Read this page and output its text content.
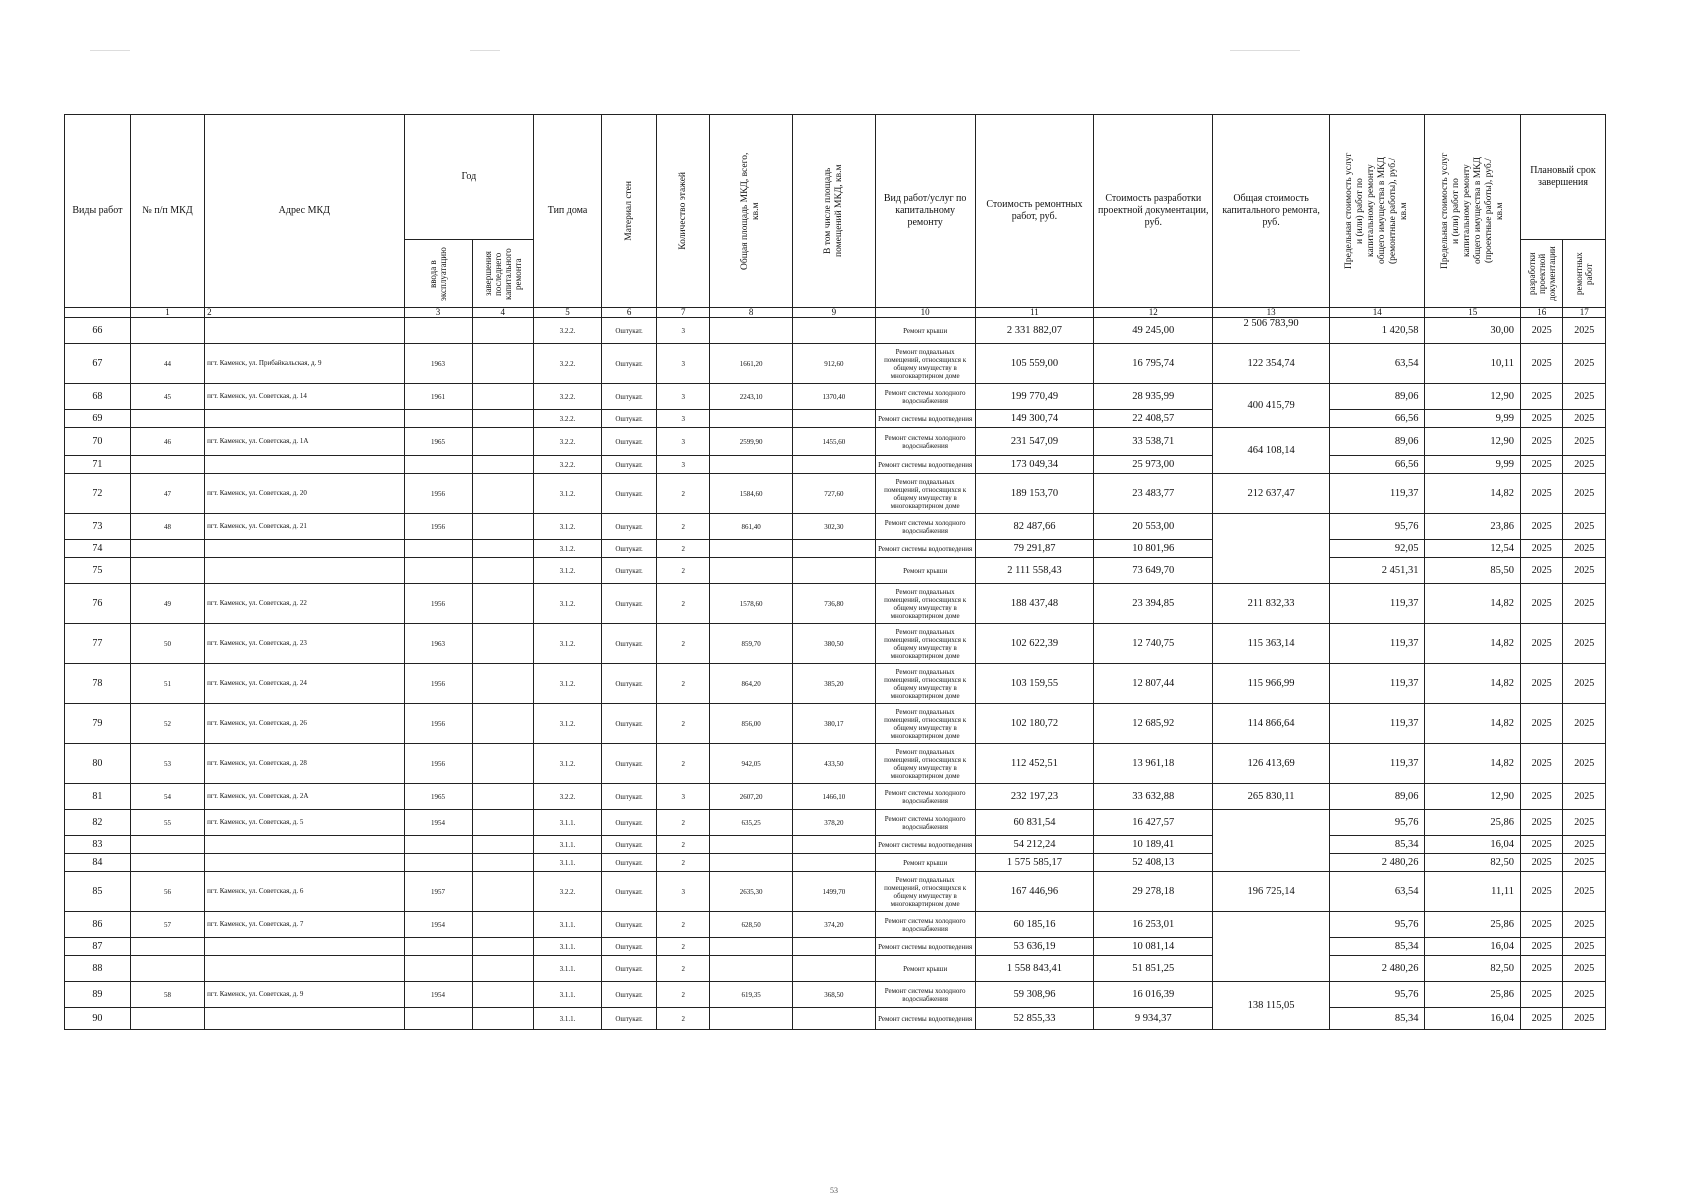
Виды работ	№ п/п МКД	Адрес МКД	Год		Тип дома	Материал стен	Количество этажей	Общая площадь МКД, всего, кв.м	В том числе площадь помещений МКД, кв.м	Вид работ/услуг по капитальному ремонту	Стоимость ремонтных работ, руб.	Стоимость разработки проектной документации, руб.	Общая стоимость капитального ремонта, руб.	Предельная стоимость услуг и (или) работ по капитальному ремонту общего имущества в МКД (ремонтные работы), руб./кв.м	Предельная стоимость услуг и (или) работ по капитальному ремонту общего имущества в МКД (проектные работы), руб./кв.м	Плановый срок завершения	

			ввода в эксплуатацию	завершения последнего капитального ремонта												разработки проектной документации	ремонтных работ

	1	2	3	4	5	6	7	8	9	10	11	12	13	14	15	16	17
66					3.2.2.	Оштукат.	3			Ремонт крыши	2 331 882,07	49 245,00	2 506 783,90	1 420,58	30,00	2025	2025
67	44	пгт. Каменск, ул. Прибайкальская, д. 9	1963		3.2.2.	Оштукат.	3	1661,20	912,60	Ремонт подвальных помещений, относящихся к общему имуществу в многоквартирном доме	105 559,00	16 795,74	122 354,74	63,54	10,11	2025	2025
68	45	пгт. Каменск, ул. Советская, д. 14	1961		3.2.2.	Оштукат.	3	2243,10	1370,40	Ремонт системы холодного водоснабжения	199 770,49	28 935,99	400 415,79	89,06	12,90	2025	2025
69					3.2.2.	Оштукат.	3			Ремонт системы водоотведения	149 300,74	22 408,57		66,56	9,99	2025	2025
70	46	пгт. Каменск, ул. Советская, д. 1А	1965		3.2.2.	Оштукат.	3	2599,90	1455,60	Ремонт системы холодного водоснабжения	231 547,09	33 538,71	464 108,14	89,06	12,90	2025	2025
71					3.2.2.	Оштукат.	3			Ремонт системы водоотведения	173 049,34	25 973,00		66,56	9,99	2025	2025
72	47	пгт. Каменск, ул. Советская, д. 20	1956		3.1.2.	Оштукат.	2	1584,60	727,60	Ремонт подвальных помещений, относящихся к общему имуществу в многоквартирном доме	189 153,70	23 483,77	212 637,47	119,37	14,82	2025	2025
73	48	пгт. Каменск, ул. Советская, д. 21	1956		3.1.2.	Оштукат.	2	861,40	302,30	Ремонт системы холодного водоснабжения	82 487,66	20 553,00		95,76	23,86	2025	2025
74					3.1.2.	Оштукат.	2			Ремонт системы водоотведения	79 291,87	10 801,96		92,05	12,54	2025	2025
75					3.1.2.	Оштукат.	2			Ремонт крыши	2 111 558,43	73 649,70		2 451,31	85,50	2025	2025
76	49	пгт. Каменск, ул. Советская, д. 22	1956		3.1.2.	Оштукат.	2	1578,60	736,80	Ремонт подвальных помещений, относящихся к общему имуществу в многоквартирном доме	188 437,48	23 394,85	211 832,33	119,37	14,82	2025	2025
77	50	пгт. Каменск, ул. Советская, д. 23	1963		3.1.2.	Оштукат.	2	859,70	380,50	Ремонт подвальных помещений, относящихся к общему имуществу в многоквартирном доме	102 622,39	12 740,75	115 363,14	119,37	14,82	2025	2025
78	51	пгт. Каменск, ул. Советская, д. 24	1956		3.1.2.	Оштукат.	2	864,20	385,20	Ремонт подвальных помещений, относящихся к общему имуществу в многоквартирном доме	103 159,55	12 807,44	115 966,99	119,37	14,82	2025	2025
79	52	пгт. Каменск, ул. Советская, д. 26	1956		3.1.2.	Оштукат.	2	856,00	380,17	Ремонт подвальных помещений, относящихся к общему имуществу в многоквартирном доме	102 180,72	12 685,92	114 866,64	119,37	14,82	2025	2025
80	53	пгт. Каменск, ул. Советская, д. 28	1956		3.1.2.	Оштукат.	2	942,05	433,50	Ремонт подвальных помещений, относящихся к общему имуществу в многоквартирном доме	112 452,51	13 961,18	126 413,69	119,37	14,82	2025	2025
81	54	пгт. Каменск, ул. Советская, д. 2А	1965		3.2.2.	Оштукат.	3	2607,20	1466,10	Ремонт системы холодного водоснабжения	232 197,23	33 632,88	265 830,11	89,06	12,90	2025	2025
82	55	пгт. Каменск, ул. Советская, д. 5	1954		3.1.1.	Оштукат.	2	635,25	378,20	Ремонт системы холодного водоснабжения	60 831,54	16 427,57		95,76	25,86	2025	2025
83					3.1.1.	Оштукат.	2			Ремонт системы водоотведения	54 212,24	10 189,41		85,34	16,04	2025	2025
84					3.1.1.	Оштукат.	2			Ремонт крыши	1 575 585,17	52 408,13		2 480,26	82,50	2025	2025
85	56	пгт. Каменск, ул. Советская, д. 6	1957		3.2.2.	Оштукат.	3	2635,30	1499,70	Ремонт подвальных помещений, относящихся к общему имуществу в многоквартирном доме	167 446,96	29 278,18	196 725,14	63,54	11,11	2025	2025
86	57	пгт. Каменск, ул. Советская, д. 7	1954		3.1.1.	Оштукат.	2	628,50	374,20	Ремонт системы холодного водоснабжения	60 185,16	16 253,01		95,76	25,86	2025	2025
87					3.1.1.	Оштукат.	2			Ремонт системы водоотведения	53 636,19	10 081,14		85,34	16,04	2025	2025
88					3.1.1.	Оштукат.	2			Ремонт крыши	1 558 843,41	51 851,25		2 480,26	82,50	2025	2025
89	58	пгт. Каменск, ул. Советская, д. 9	1954		3.1.1.	Оштукат.	2	619,35	368,50	Ремонт системы холодного водоснабжения	59 308,96	16 016,39	138 115,05	95,76	25,86	2025	2025
90					3.1.1.	Оштукат.	2			Ремонт системы водоотведения	52 855,33	9 934,37		85,34	16,04	2025	2025
53
